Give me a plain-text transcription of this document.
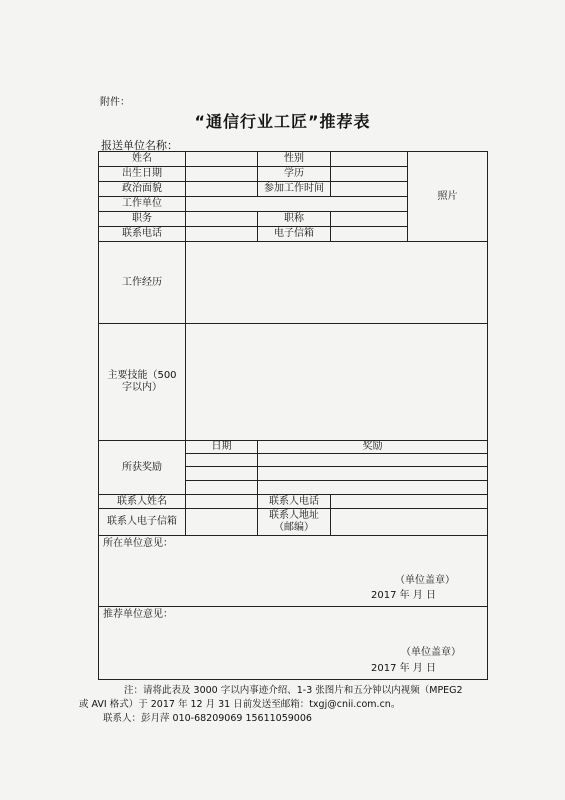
附件：
“通信行业工匠”推荐表
报送单位名称：
姓名		性别		照片
出生日期		学历		
政治面貌		参加工作时间		
工作单位				
职务		职称		
联系电话		电子信箱		
工作经历				
主要技能（500
字以内）				
所获奖励	日期	奖励		

联系人姓名		联系人电话		
联系人电子信箱		联系人地址
（邮编）		

所在单位意见：
（单位盖章）
2017 年 月 日				

推荐单位意见：
（单位盖章）
2017 年 月 日				
注：请将此表及 3000 字以内事迹介绍、1-3 张图片和五分钟以内视频（MPEG2
或 AVI 格式）于 2017 年 12 月 31 日前发送至邮箱：txgj@cnii.com.cn。
联系人：彭月萍 010-68209069 15611059006
